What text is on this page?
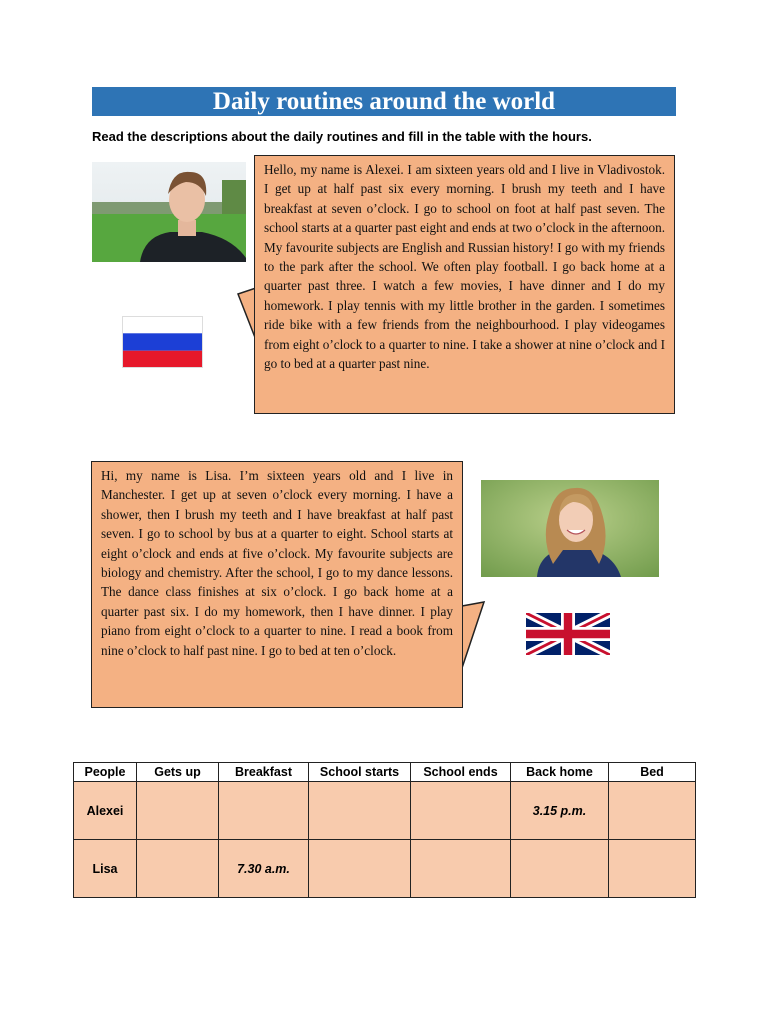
Daily routines around the world
Read the descriptions about the daily routines and fill in the table with the hours.
Hello, my name is Alexei. I am sixteen years old and I live in Vladivostok. I get up at half past six every morning. I brush my teeth and I have breakfast at seven o’clock. I go to school on foot at half past seven. The school starts at a quarter past eight and ends at two o’clock in the afternoon. My favourite subjects are English and Russian history! I go with my friends to the park after the school. We often play football. I go back home at a quarter past three. I watch a few movies, I have dinner and I do my homework. I play tennis with my little brother in the garden. I sometimes ride bike with a few friends from the neighbourhood. I play videogames from eight o’clock to a quarter to nine. I take a shower at nine o’clock and I go to bed at a quarter past nine.
Hi, my name is Lisa. I’m sixteen years old and I live in Manchester. I get up at seven o’clock every morning. I have a shower, then I brush my teeth and I have breakfast at half past seven. I go to school by bus at a quarter to eight. School starts at eight o’clock and ends at five o’clock. My favourite subjects are biology and chemistry. After the school, I go to my dance lessons. The dance class finishes at six o’clock. I go back home at a quarter past six. I do my homework, then I have dinner. I play piano from eight o’clock to a quarter to nine. I read a book from nine o’clock to half past nine. I go to bed at ten o’clock.
People	Gets up	Breakfast	School starts	School ends	Back home	Bed
Alexei					3.15 p.m.	
Lisa		7.30 a.m.				
